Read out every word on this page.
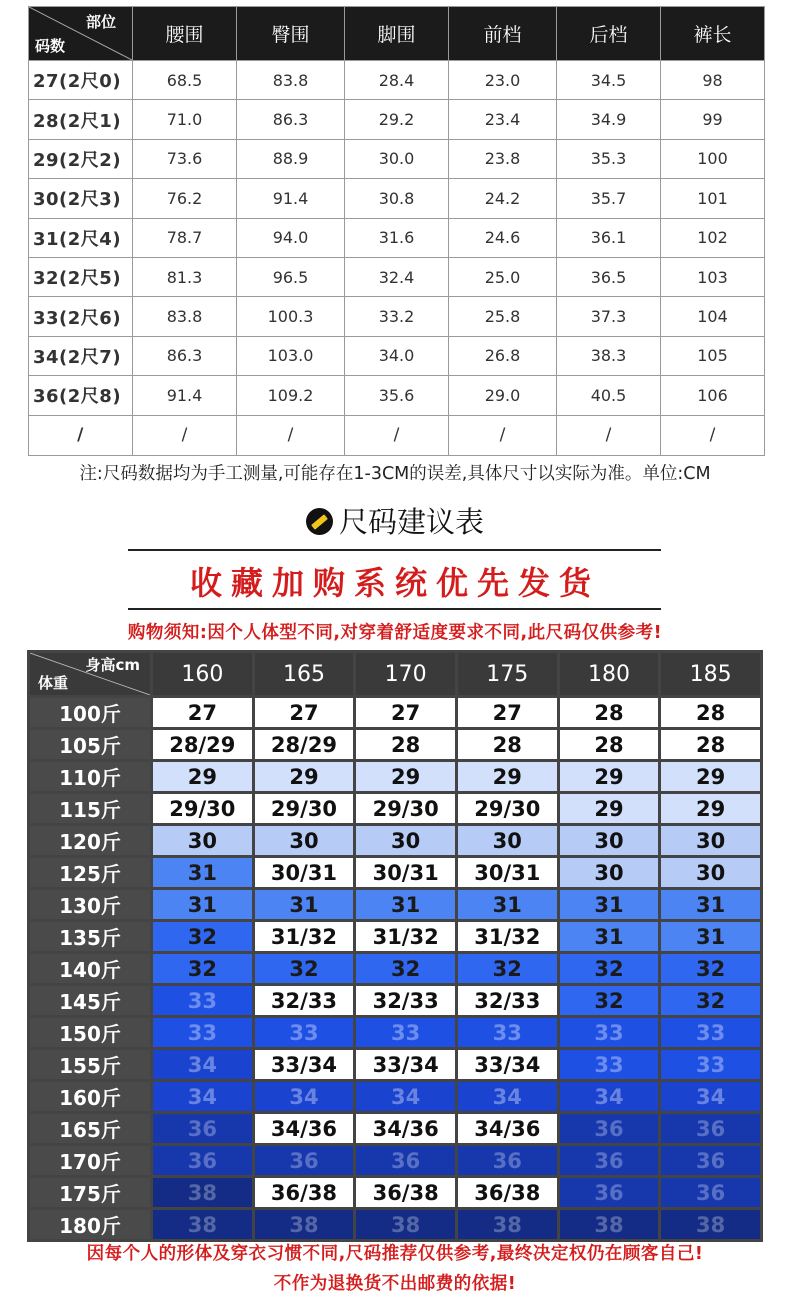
部位
码数	腰围	臀围	脚围	前档	后档	裤长
27(2尺0)	68.5	83.8	28.4	23.0	34.5	98
28(2尺1)	71.0	86.3	29.2	23.4	34.9	99
29(2尺2)	73.6	88.9	30.0	23.8	35.3	100
30(2尺3)	76.2	91.4	30.8	24.2	35.7	101
31(2尺4)	78.7	94.0	31.6	24.6	36.1	102
32(2尺5)	81.3	96.5	32.4	25.0	36.5	103
33(2尺6)	83.8	100.3	33.2	25.8	37.3	104
34(2尺7)	86.3	103.0	34.0	26.8	38.3	105
36(2尺8)	91.4	109.2	35.6	29.0	40.5	106
/	/	/	/	/	/	/
注:尺码数据均为手工测量,可能存在1-3CM的误差,具体尺寸以实际为准。单位:CM
尺码建议表
收藏加购系统优先发货
购物须知:因个人体型不同,对穿着舒适度要求不同,此尺码仅供参考!
身高cm
体重	160	165	170	175	180	185
100斤	27	27	27	27	28	28
105斤	28/29	28/29	28	28	28	28
110斤	29	29	29	29	29	29
115斤	29/30	29/30	29/30	29/30	29	29
120斤	30	30	30	30	30	30
125斤	31	30/31	30/31	30/31	30	30
130斤	31	31	31	31	31	31
135斤	32	31/32	31/32	31/32	31	31
140斤	32	32	32	32	32	32
145斤	33	32/33	32/33	32/33	32	32
150斤	33	33	33	33	33	33
155斤	34	33/34	33/34	33/34	33	33
160斤	34	34	34	34	34	34
165斤	36	34/36	34/36	34/36	36	36
170斤	36	36	36	36	36	36
175斤	38	36/38	36/38	36/38	36	36
180斤	38	38	38	38	38	38
因每个人的形体及穿衣习惯不同,尺码推荐仅供参考,最终决定权仍在顾客自己!
不作为退换货不出邮费的依据!
